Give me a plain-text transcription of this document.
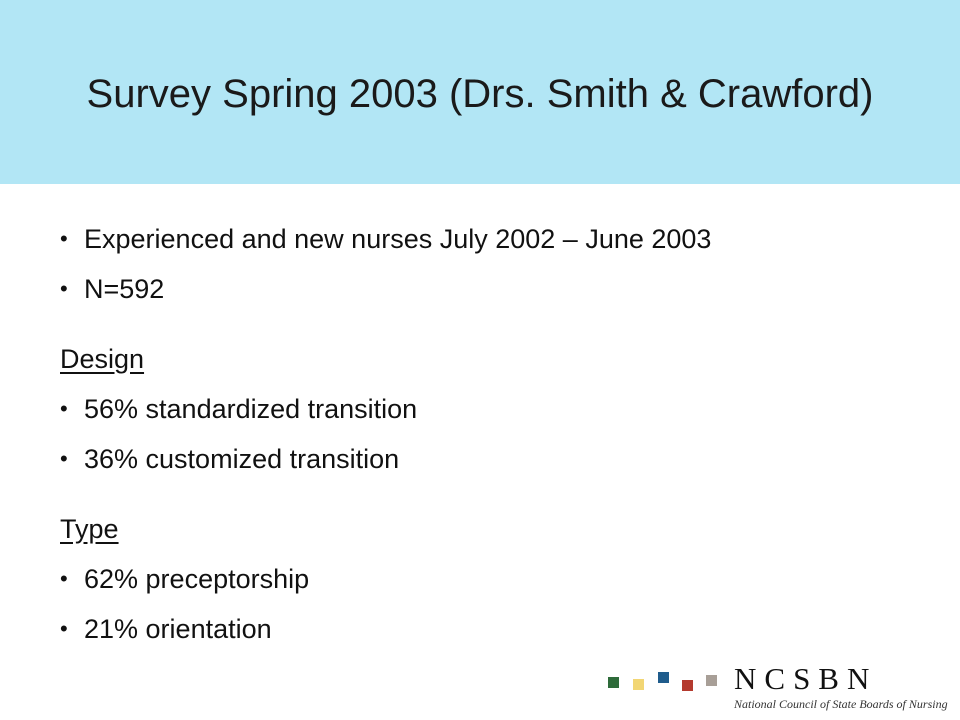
Survey Spring 2003 (Drs. Smith & Crawford)
• Experienced and new nurses July 2002 – June 2003
• N=592
Design
• 56% standardized transition
• 36% customized transition
Type
• 62% preceptorship
• 21% orientation
NCSBN
National Council of State Boards of Nursing
